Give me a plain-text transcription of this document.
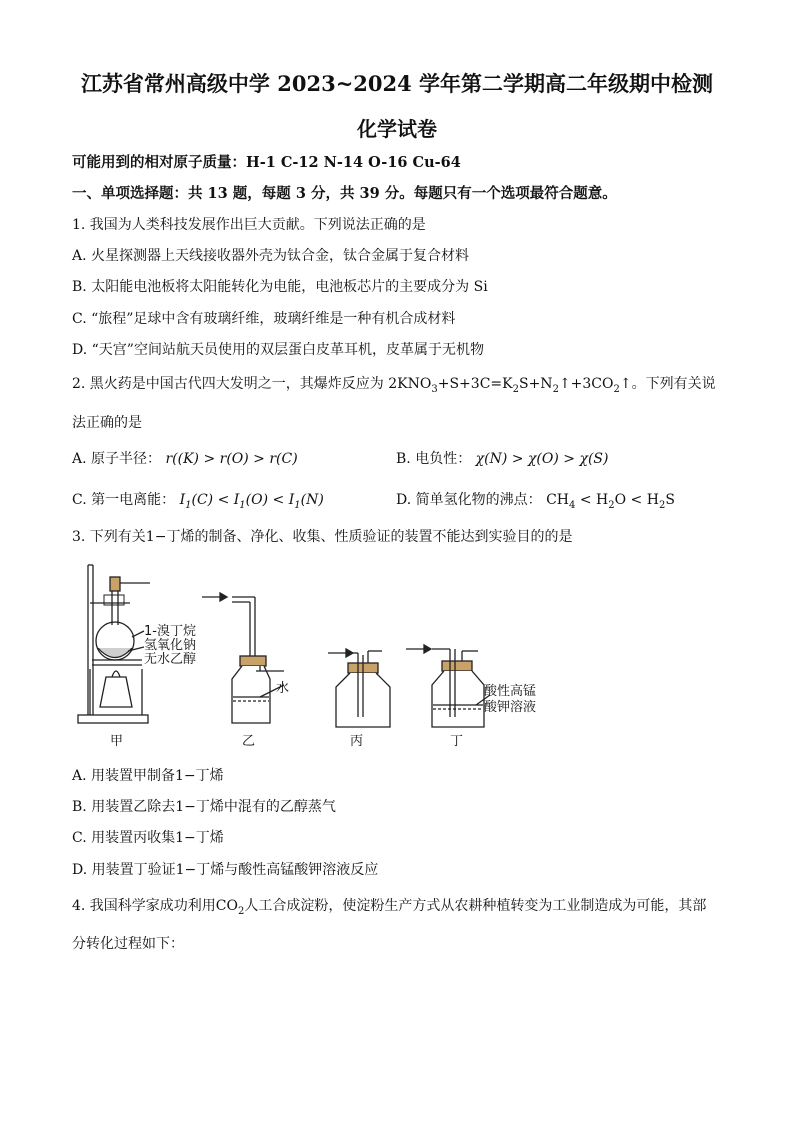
江苏省常州高级中学 2023~2024 学年第二学期高二年级期中检测
化学试卷
可能用到的相对原子质量：H-1 C-12 N-14 O-16 Cu-64
一、单项选择题：共 13 题，每题 3 分，共 39 分。每题只有一个选项最符合题意。
1. 我国为人类科技发展作出巨大贡献。下列说法正确的是
A. 火星探测器上天线接收器外壳为钛合金，钛合金属于复合材料
B. 太阳能电池板将太阳能转化为电能，电池板芯片的主要成分为 Si
C. “旅程”足球中含有玻璃纤维，玻璃纤维是一种有机合成材料
D. “天宫”空间站航天员使用的双层蛋白皮革耳机，皮革属于无机物
2. 黑火药是中国古代四大发明之一，其爆炸反应为 $2KNO_3+S+3C=K_2S+N_2↑+3CO_2↑$。下列有关说
法正确的是
A. 原子半径： r((K) > r(O) > r(C)	B. 电负性： χ(N) > χ(O) > χ(S)
C. 第一电离能： $I_1(C) < I_1(O) < I_1(N)$	D. 简单氢化物的沸点： $CH_4 < H_2O < H_2S$
3. 下列有关1−丁烯的制备、净化、收集、性质验证的装置不能达到实验目的的是
1-溴丁烷
氢氧化钠
无水乙醇
水	酸性高锰
酸钾溶液
甲	乙	丙	丁
A. 用装置甲制备1−丁烯
B. 用装置乙除去1−丁烯中混有的乙醇蒸气
C. 用装置丙收集1−丁烯
D. 用装置丁验证1−丁烯与酸性高锰酸钾溶液反应
4. 我国科学家成功利用$CO_2$人工合成淀粉，使淀粉生产方式从农耕种植转变为工业制造成为可能，其部
分转化过程如下：
